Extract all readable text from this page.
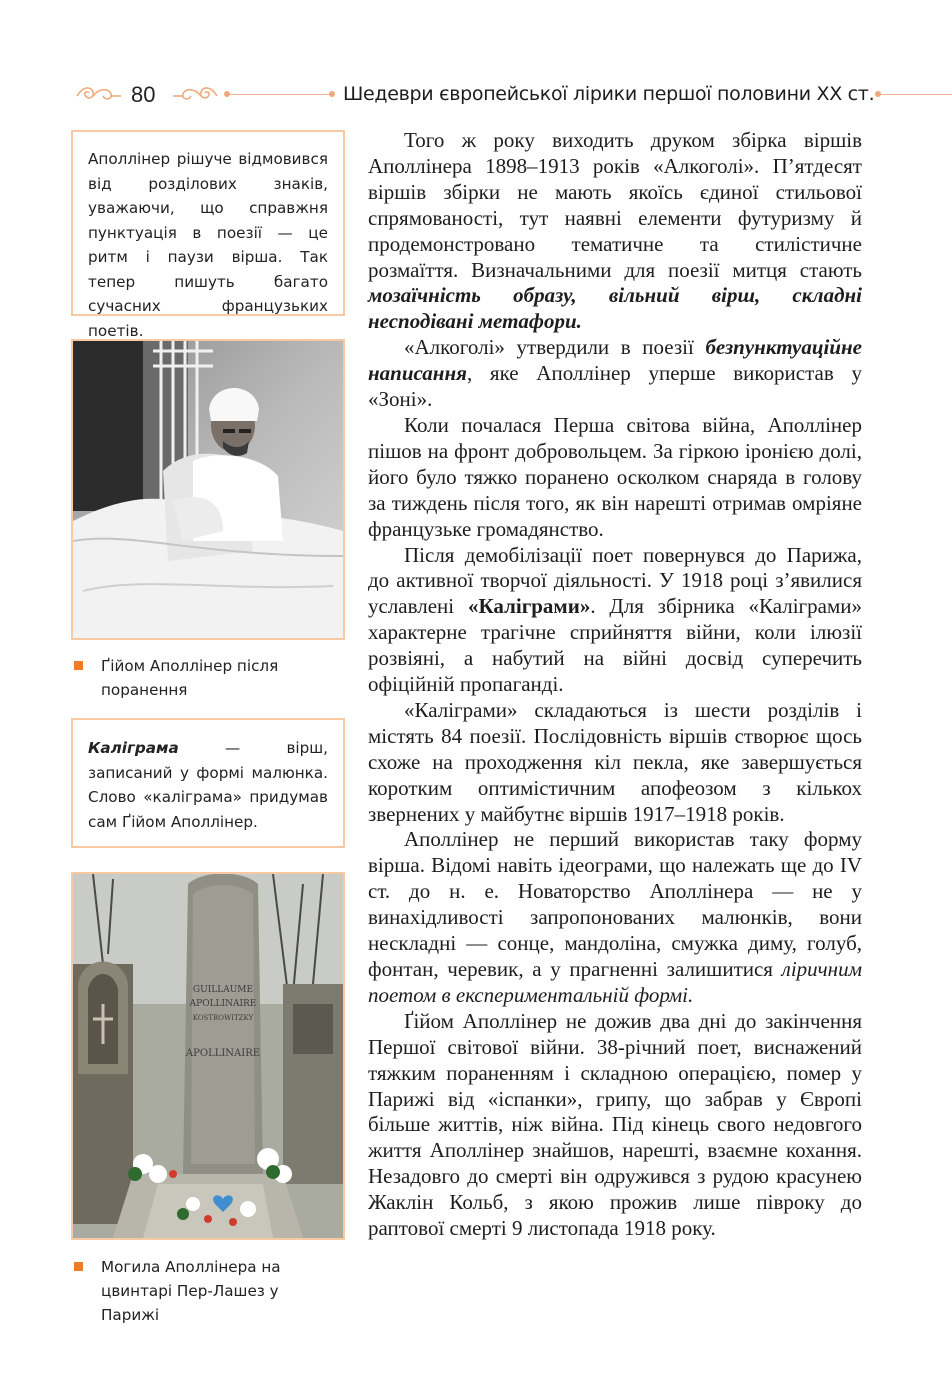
80	Шедеври європейської лірики першої половини XX ст.

Аполлінер рішуче відмовився від розділових знаків, уважаючи, що справжня пунктуація в поезії — це ритм і паузи вірша. Так тепер пишуть багато сучасних французьких поетів.

Ґійом Аполлінер після поранення

Каліграма — вірш, записаний у формі малюнка. Слово «каліграма» придумав сам Ґійом Аполлінер.

GUILLAUME
APOLLINAIRE
KOSTROWITZKY
APOLLINAIRE
Могила Аполлінера на цвинтарі Пер-Лашез у Парижі

Того ж року виходить друком збірка віршів Аполлінера 1898–1913 років «Алкоголі». П’ятдесят віршів збірки не мають якоїсь єдиної стильової спрямованості, тут наявні елементи футуризму й продемонстровано тематичне та стилістичне розмаїття. Визначальними для поезії митця стають мозаїчність образу, вільний вірш, складні несподівані метафори.

«Алкоголі» утвердили в поезії безпунктуаційне написання, яке Аполлінер уперше використав у «Зоні».

Коли почалася Перша світова війна, Аполлінер пішов на фронт добровольцем. За гіркою іронією долі, його було тяжко поранено осколком снаряда в голову за тиждень після того, як він нарешті отримав омріяне французьке громадянство.

Після демобілізації поет повернувся до Парижа, до активної творчої діяльності. У 1918 році з’явилися уславлені «Каліграми». Для збірника «Каліграми» характерне трагічне сприйняття війни, коли ілюзії розвіяні, а набутий на війні досвід суперечить офіційній пропаганді.

«Каліграми» складаються із шести розділів і містять 84 поезії. Послідовність віршів створює щось схоже на проходження кіл пекла, яке завершується коротким оптимістичним апофеозом з кількох звернених у майбутнє віршів 1917–1918 років.

Аполлінер не перший використав таку форму вірша. Відомі навіть ідеограми, що належать ще до IV ст. до н. е. Новаторство Аполлінера — не у винахідливості запропонованих малюнків, вони нескладні — сонце, мандоліна, смужка диму, голуб, фонтан, черевик, а у прагненні залишитися ліричним поетом в експериментальній формі.

Ґійом Аполлінер не дожив два дні до закінчення Першої світової війни. 38-річний поет, виснажений тяжким пораненням і складною операцією, помер у Парижі від «іспанки», грипу, що забрав у Європі більше життів, ніж війна. Під кінець свого недовгого життя Аполлінер знайшов, нарешті, взаємне кохання. Незадовго до смерті він одружився з рудою красунею Жаклін Кольб, з якою прожив лише півроку до раптової смерті 9 листопада 1918 року.
